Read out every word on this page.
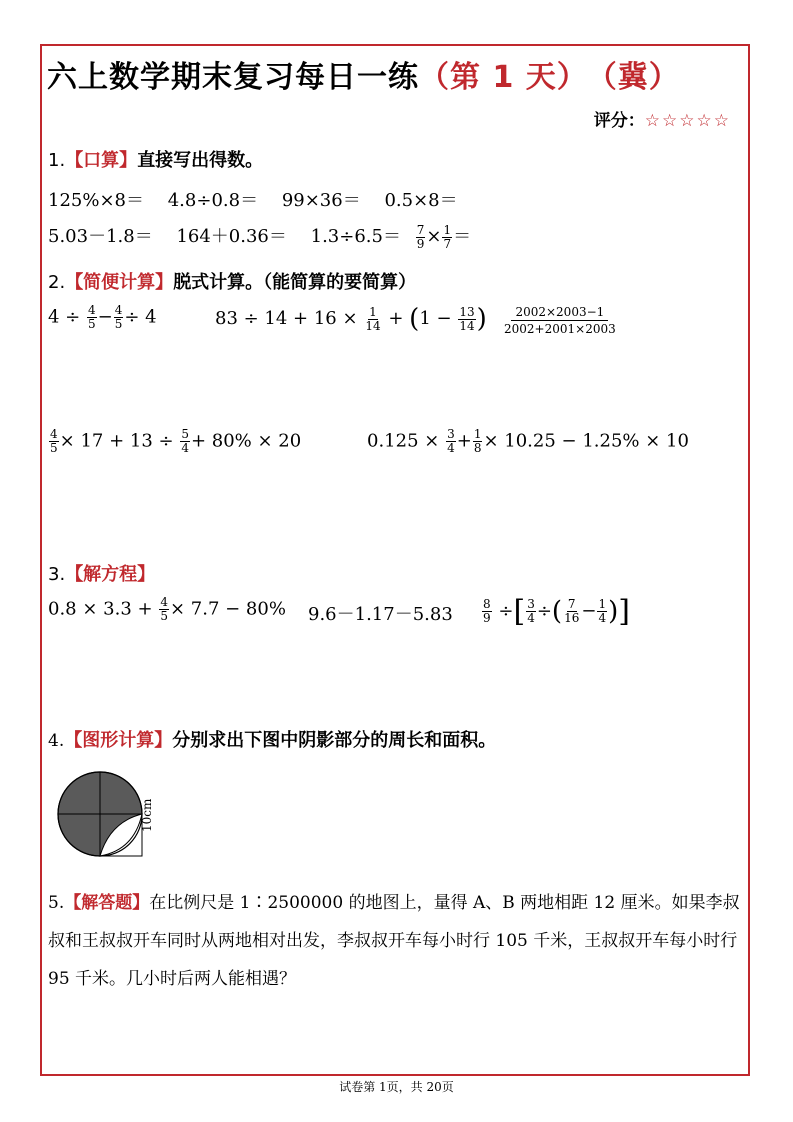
六上数学期末复习每日一练（第 1 天） （冀）
评分：☆☆☆☆☆
1.【口算】直接写出得数。
125%×8＝ 4.8÷0.8＝ 99×36＝ 0.5×8＝
$5.03-1.8= 164+0.36= 1.3\div 6.5= \frac{7}{9} \times \frac{1}{7}$ ＝
2.【简便计算】脱式计算。（能简算的要简算）
$4 \div \frac{4}{5} - \frac{4}{5} \div 4$	$83 \div 14 + 16 \times \frac{1}{14} + (1 - \frac{13}{14}$ ) $\frac{2002\times 2003-1}{2002+2001\times 2003}$
$\frac{4}{5} \times 17 + 13 \div \frac{5}{4} + 80\% \times 20$	$0.125 \times \frac{3}{4} + \frac{1}{8} \times 10.25 - 1.25\% \times 10$
3.【解方程】
$0.8 \times 3.3 + \frac{4}{5} \times 7.7 - 80\%$ $9.6-1.17-5.83 \frac{8}{9}$ ÷[ $\frac{3}{4}$ ÷( $\frac{7}{16} - \frac{1}{4}$ )]
4.【图形计算】分别求出下图中阴影部分的周长和面积。
10cm
5.【解答题】在比例尺是 1∶2500000 的地图上，量得 A、B 两地相距 12 厘米。如果李叔叔和王叔叔开车同时从两地相对出发，李叔叔开车每小时行 105 千米，王叔叔开车每小时行 95 千米。几小时后两人能相遇？
试卷第 1页，共 20页
